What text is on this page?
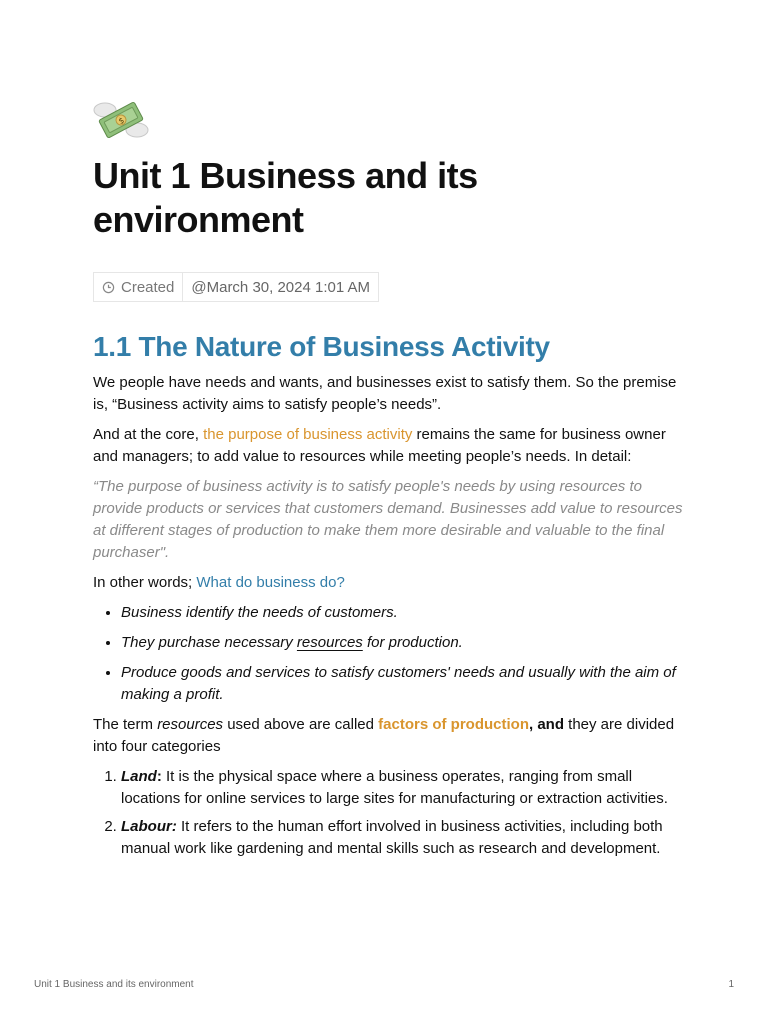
$
Unit 1 Business and its environment
Created	@March 30, 2024 1:01 AM
1.1 The Nature of Business Activity

We people have needs and wants, and businesses exist to satisfy them. So the premise is, “Business activity aims to satisfy people’s needs”.

And at the core, the purpose of business activity remains the same for business owner and managers; to add value to resources while meeting people’s needs. In detail:

“The purpose of business activity is to satisfy people's needs by using resources to provide products or services that customers demand. Businesses add value to resources at different stages of production to make them more desirable and valuable to the final purchaser".

In other words; What do business do?

• Business identify the needs of customers.
• They purchase necessary resources for production.
• Produce goods and services to satisfy customers' needs and usually with the aim of making a profit.

The term resources used above are called factors of production, and they are divided into four categories

1. Land: It is the physical space where a business operates, ranging from small locations for online services to large sites for manufacturing or extraction activities.
2. Labour: It refers to the human effort involved in business activities, including both manual work like gardening and mental skills such as research and development.
Unit 1 Business and its environment	1
